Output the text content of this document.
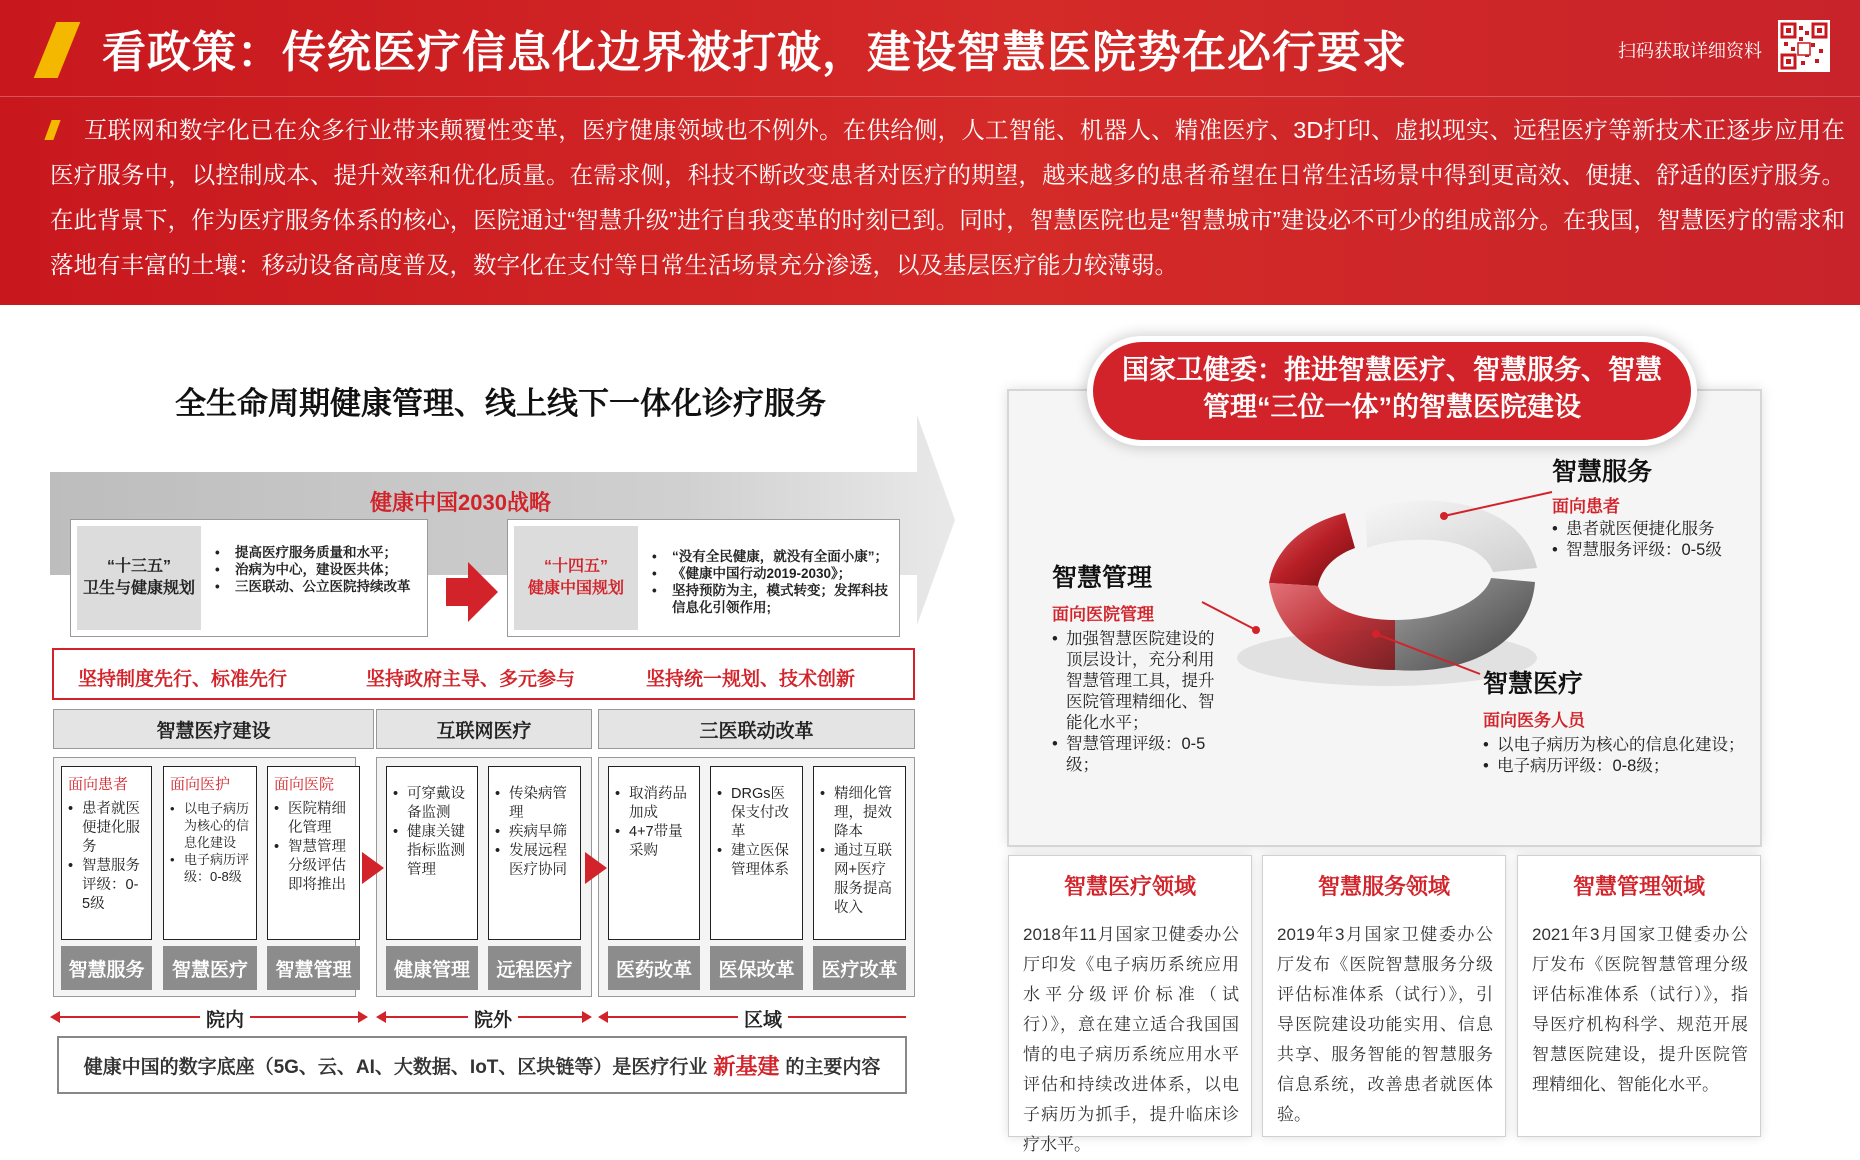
看政策：传统医疗信息化边界被打破，建设智慧医院势在必行要求	扫码获取详细资料

互联网和数字化已在众多行业带来颠覆性变革，医疗健康领域也不例外。在供给侧，人工智能、机器人、精准医疗、3D打印、虚拟现实、远程医疗等新技术正逐步应用在医疗服务中，以控制成本、提升效率和优化质量。在需求侧，科技不断改变患者对医疗的期望，越来越多的患者希望在日常生活场景中得到更高效、便捷、舒适的医疗服务。在此背景下，作为医疗服务体系的核心，医院通过“智慧升级”进行自我变革的时刻已到。同时，智慧医院也是“智慧城市”建设必不可少的组成部分。在我国，智慧医疗的需求和落地有丰富的土壤：移动设备高度普及，数字化在支付等日常生活场景充分渗透，以及基层医疗能力较薄弱。

全生命周期健康管理、线上线下一体化诊疗服务
健康中国2030战略
“十三五”
卫生与健康规划
• 提高医疗服务质量和水平；
• 治病为中心，建设医共体；
• 三医联动、公立医院持续改革
“十四五”
健康中国规划
• “没有全民健康，就没有全面小康”；
• 《健康中国行动2019-2030》；
• 坚持预防为主，模式转变；发挥科技信息化引领作用;
坚持制度先行、标准先行	坚持政府主导、多元参与	坚持统一规划、技术创新
智慧医疗建设	互联网医疗	三医联动改革
面向患者
• 患者就医便捷化服务
• 智慧服务评级：0-5级
面向医护
• 以电子病历为核心的信息化建设
• 电子病历评级：0-8级
面向医院
• 医院精细化管理
• 智慧管理分级评估即将推出
智慧服务	智慧医疗	智慧管理
• 可穿戴设备监测
• 健康关键指标监测管理
• 传染病管理
• 疾病早筛
• 发展远程医疗协同
健康管理	远程医疗
• 取消药品加成
• 4+7带量采购
• DRGs医保支付改革
• 建立医保管理体系
• 精细化管理，提效降本
• 通过互联网+医疗服务提高收入
医药改革	医保改革	医疗改革
院内	院外	区域
健康中国的数字底座（5G、云、AI、大数据、IoT、区块链等）是医疗行业 新基建 的主要内容
国家卫健委：推进智慧医疗、智慧服务、智慧
管理“三位一体”的智慧医院建设
智慧服务
面向患者
• 患者就医便捷化服务
• 智慧服务评级：0-5级
智慧管理
面向医院管理
• 加强智慧医院建设的顶层设计，充分利用智慧管理工具，提升医院管理精细化、智能化水平；
• 智慧管理评级：0-5级；
智慧医疗
面向医务人员
• 以电子病历为核心的信息化建设；
• 电子病历评级：0-8级；
智慧医疗领域
2018年11月国家卫健委办公厅印发《电子病历系统应用水平分级评价标准（试行）》，意在建立适合我国国情的电子病历系统应用水平评估和持续改进体系，以电子病历为抓手，提升临床诊疗水平。
智慧服务领域
2019年3月国家卫健委办公厅发布《医院智慧服务分级评估标准体系（试行）》，引导医院建设功能实用、信息共享、服务智能的智慧服务信息系统，改善患者就医体验。
智慧管理领域
2021年3月国家卫健委办公厅发布《医院智慧管理分级评估标准体系（试行）》，指导医疗机构科学、规范开展智慧医院建设，提升医院管理精细化、智能化水平。
